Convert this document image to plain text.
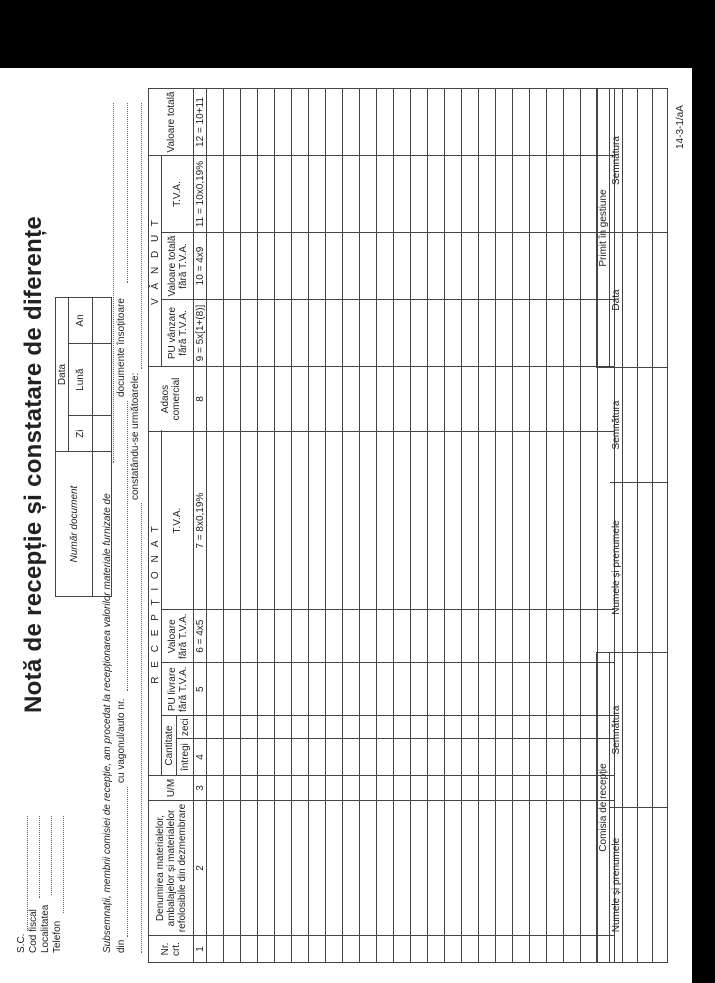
S.C. Cod fiscal Localitatea Telefon
Notă de recepție și constatare de diferențe Număr document	Data		
	Zi	Lună	An

Subsemnații, membrii comisiei de recepție, am procedat la recepționarea valorilor materiale furnizate de din
cu vagonul/auto nr.
documente însoțitoare
constatându-se următoarele:
Nr. crt.	Denumirea materialelor, ambalajelor și materialelor refolosibile din dezmembrare	U/M	R E C E P Ț I O N A T					Adaos comercial	V Â N D U T			Valoare totală
			Cantitate		PU livrare fără T.V.A.	Valoare fără T.V.A.	T.V.A.		PU vânzare fără T.V.A.	Valoare totală fără T.V.A.	T.V.A.	
			întregi	zeci								
1	2	3	4		5	6 = 4x5	7 = 8x0,19%	8	9 = 5x[1+(8)]	10 = 4x9	11 = 10x0,19%	12 = 10+11

Comisia de recepție				Primit în gestiune	
Numele și prenumele	Semnătura	Numele și prenumele	Semnătura	Data	Semnătura

14-3-1/aA
